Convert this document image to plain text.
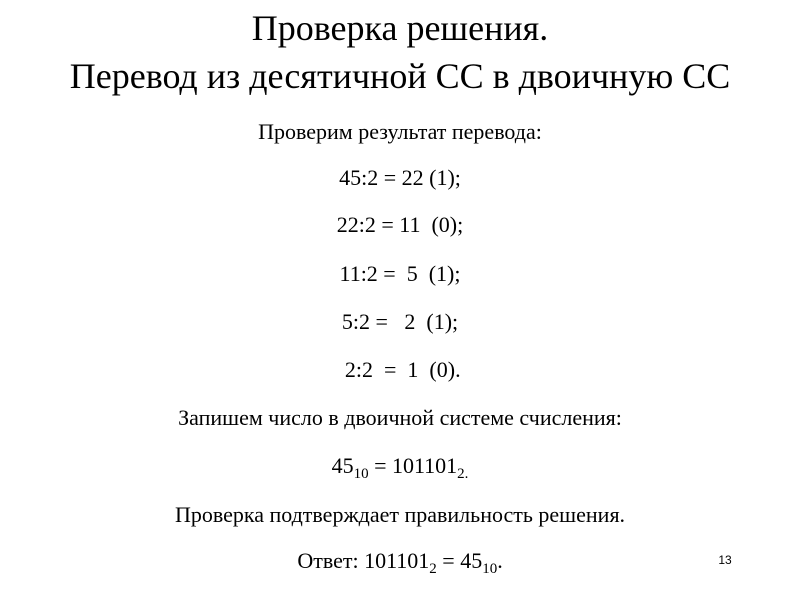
Проверка решения.
Перевод из десятичной СС в двоичную СС
Проверим результат перевода:
45:2 = 22 (1);
22:2 = 11  (0);
11:2 =  5  (1);
5:2 =   2  (1);
2:2  =  1  (0).
Запишем число в двоичной системе счисления:
$45_{10} = 101101_{2.}$
Проверка подтверждает правильность решения.
Ответ: $101101_2 = 45_{10}$.	13
